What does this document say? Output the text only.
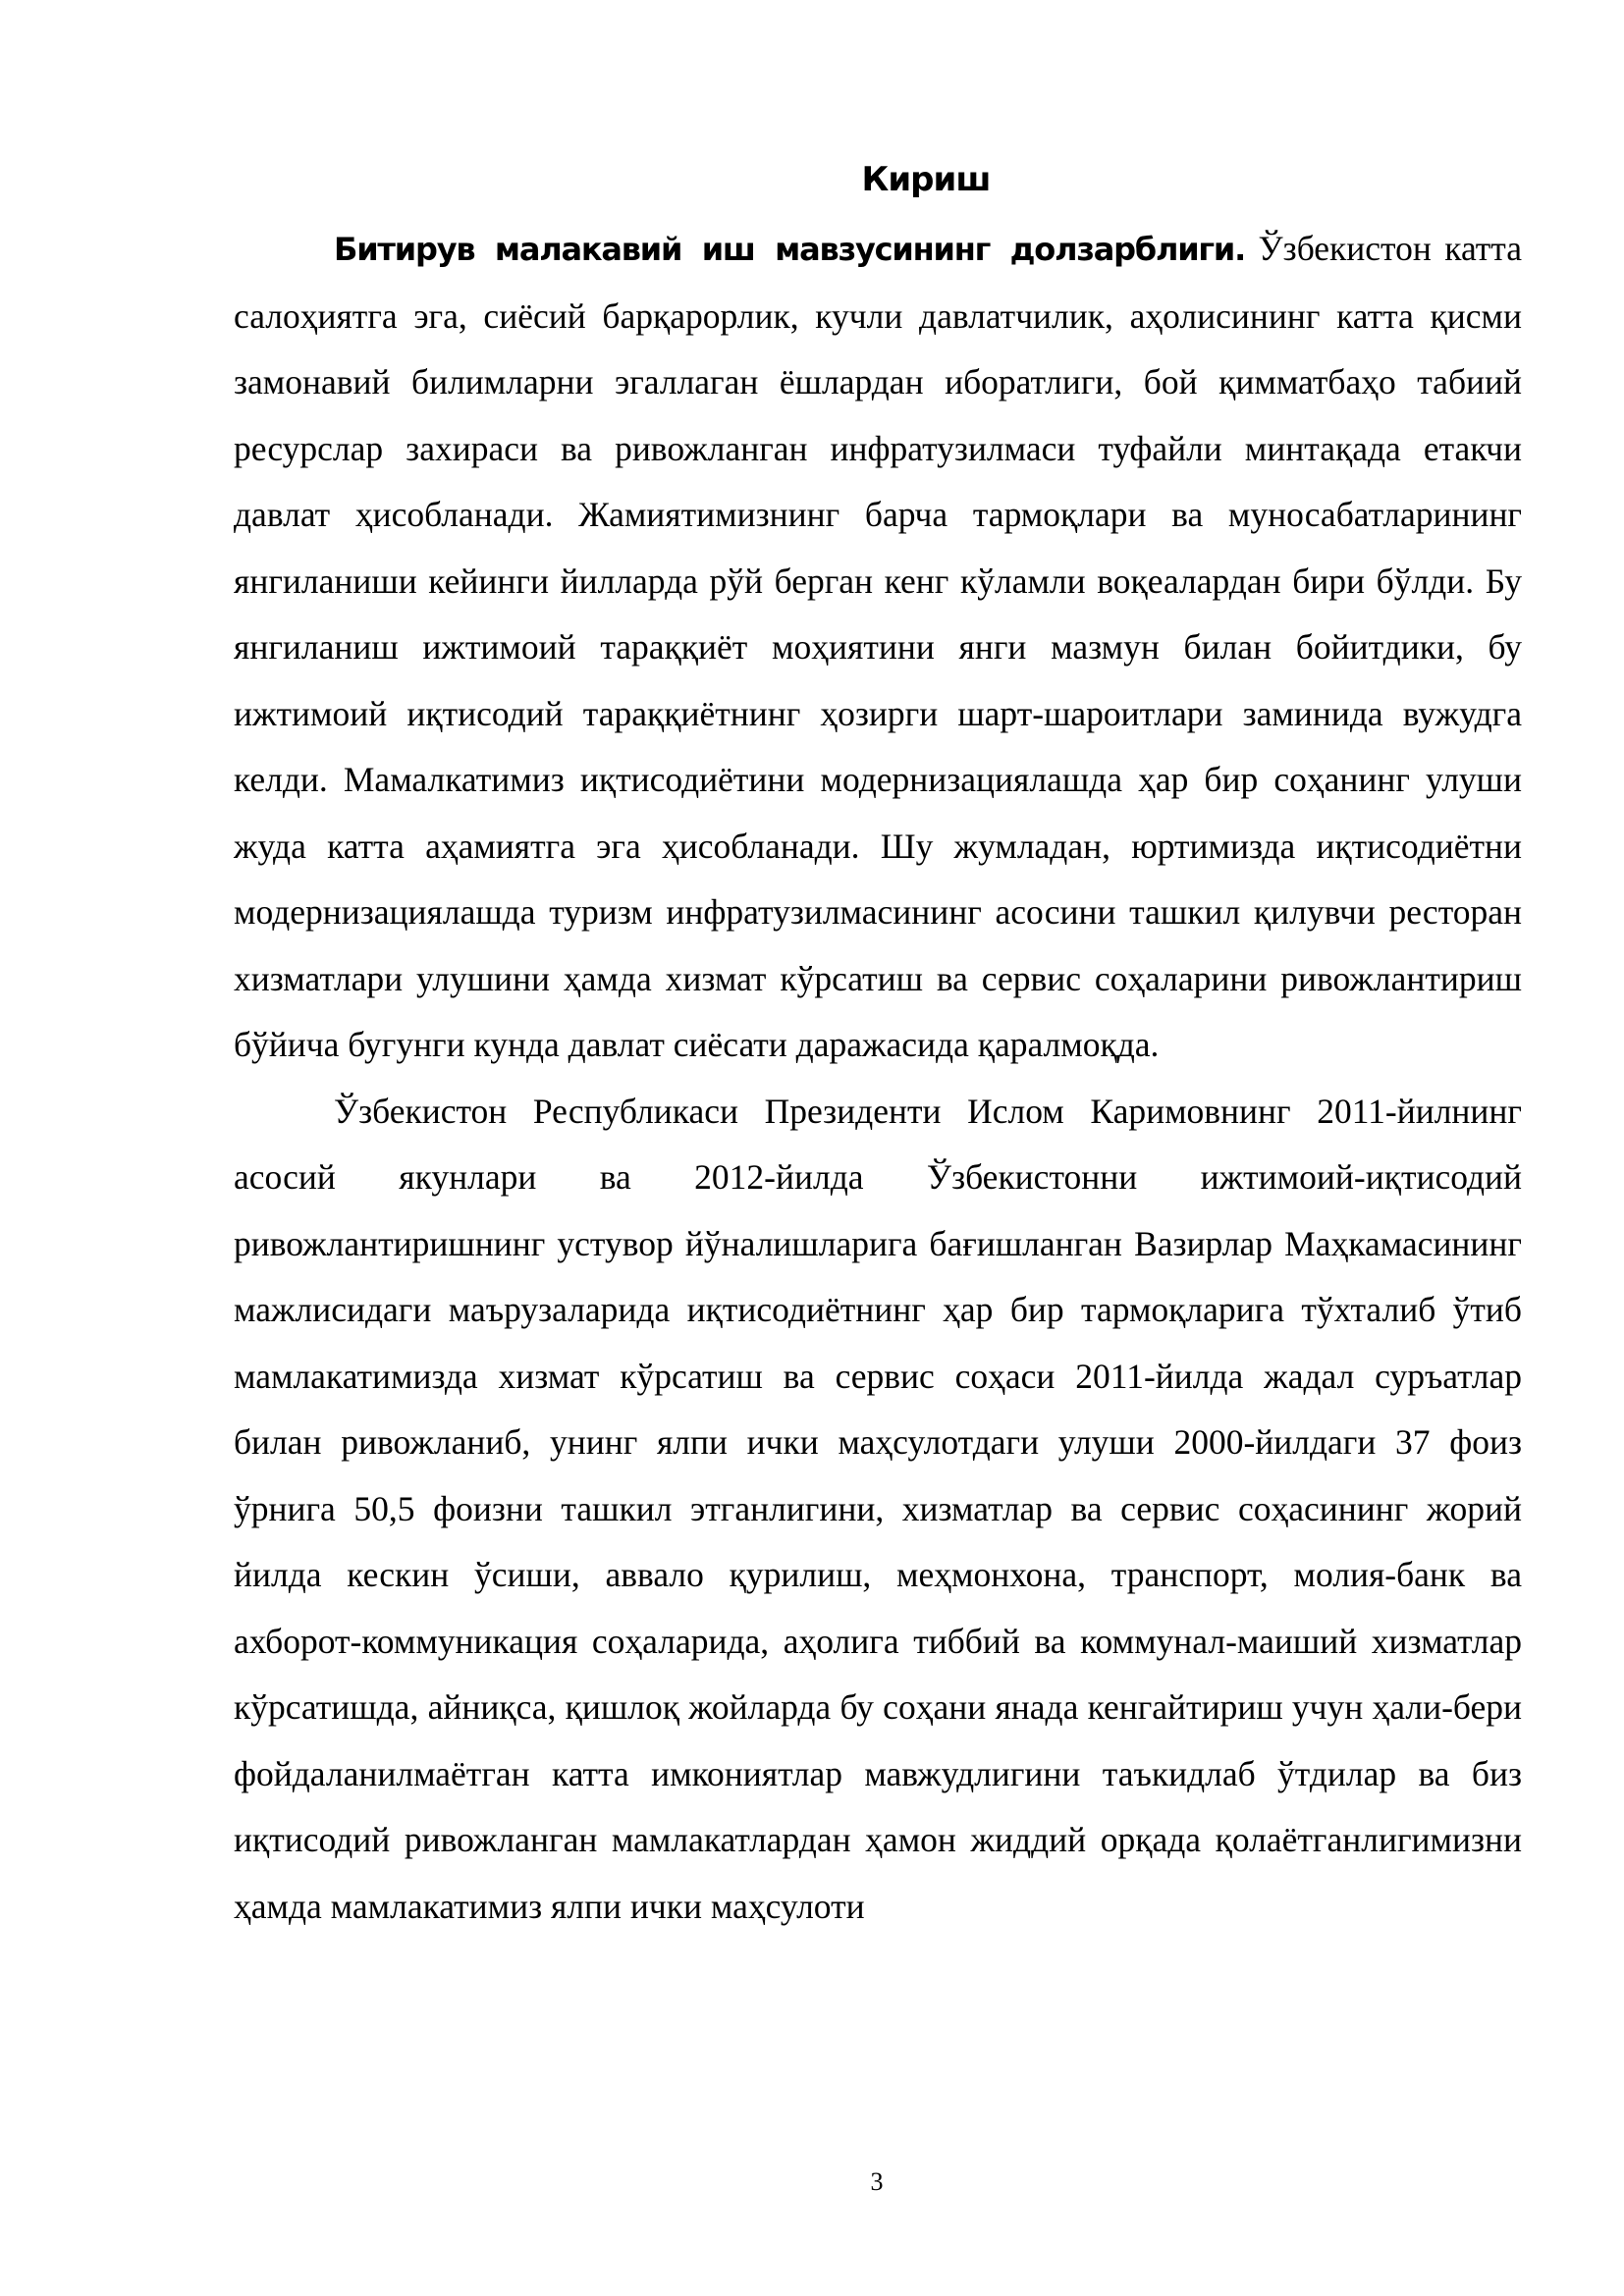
Кириш

Битирув малакавий иш мавзусининг долзарблиги. Ўзбекистон катта салоҳиятга эга, сиёсий барқарорлик, кучли давлатчилик, аҳолисининг катта қисми замонавий билимларни эгаллаган ёшлардан иборатлиги, бой қимматбаҳо табиий ресурслар захираси ва ривожланган инфратузилмаси туфайли минтақада етакчи давлат ҳисобланади. Жамиятимизнинг барча тармоқлари ва муносабатларининг янгиланиши кейинги йилларда рўй берган кенг кўламли воқеалардан бири бўлди. Бу янгиланиш ижтимоий тараққиёт моҳиятини янги мазмун билан бойитдики, бу ижтимоий иқтисодий тараққиётнинг ҳозирги шарт-шароитлари заминида вужудга келди. Мамалкатимиз иқтисодиётини модернизациялашда ҳар бир соҳанинг улуши жуда катта аҳамиятга эга ҳисобланади. Шу жумладан, юртимизда иқтисодиётни модернизациялашда туризм инфратузилмасининг асосини ташкил қилувчи ресторан хизматлари улушини ҳамда хизмат кўрсатиш ва сервис соҳаларини ривожлантириш бўйича бугунги кунда давлат сиёсати даражасида қаралмоқда.

Ўзбекистон Республикаси Президенти Ислом Каримовнинг 2011-йилнинг асосий якунлари ва 2012-йилда Ўзбекистонни ижтимоий-иқтисодий ривожлантиришнинг устувор йўналишларига бағишланган Вазирлар Маҳкамасининг мажлисидаги маърузаларида иқтисодиётнинг ҳар бир тармоқларига тўхталиб ўтиб мамлакатимизда хизмат кўрсатиш ва сервис соҳаси 2011-йилда жадал суръатлар билан ривожланиб, унинг ялпи ички маҳсулотдаги улуши 2000-йилдаги 37 фоиз ўрнига 50,5 фоизни ташкил этганлигини, хизматлар ва сервис соҳасининг жорий йилда кескин ўсиши, аввало қурилиш, меҳмонхона, транспорт, молия-банк ва ахборот-коммуникация соҳаларида, аҳолига тиббий ва коммунал-маиший хизматлар кўрсатишда, айниқса, қишлоқ жойларда бу соҳани янада кенгайтириш учун ҳали-бери фойдаланилмаётган катта имкониятлар мавжудлигини таъкидлаб ўтдилар ва биз иқтисодий ривожланган мамлакатлардан ҳамон жиддий орқада қолаётганлигимизни ҳамда мамлакатимиз ялпи ички маҳсулоти

3
